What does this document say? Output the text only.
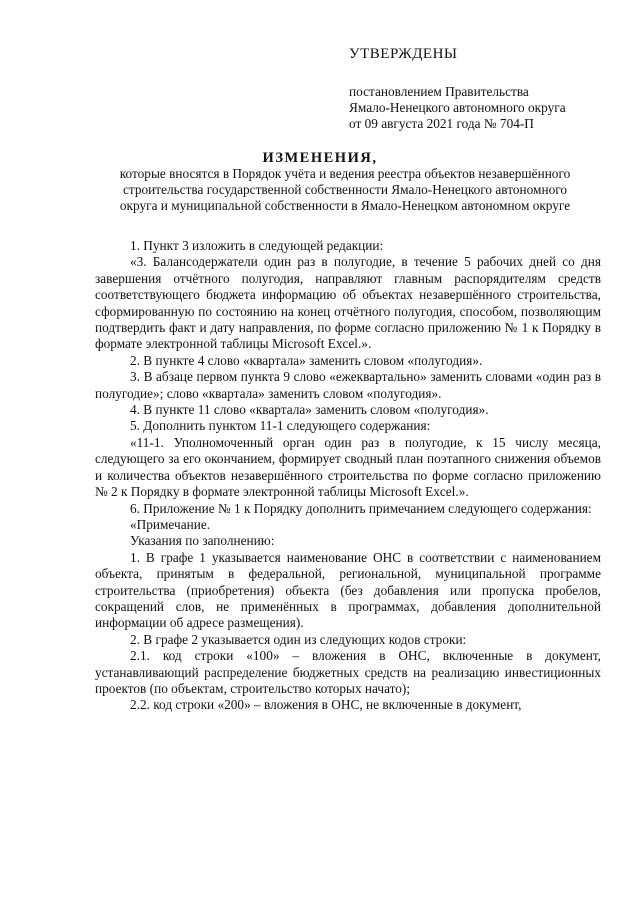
УТВЕРЖДЕНЫ
постановлением Правительства
Ямало-Ненецкого автономного округа
от 09 августа 2021 года № 704-П
ИЗМЕНЕНИЯ,
которые вносятся в Порядок учёта и ведения реестра объектов незавершённого
строительства государственной собственности Ямало-Ненецкого автономного
округа и муниципальной собственности в Ямало-Ненецком автономном округе

1. Пункт 3 изложить в следующей редакции:

«3. Балансодержатели один раз в полугодие, в течение 5 рабочих дней со дня завершения отчётного полугодия, направляют главным распорядителям средств соответствующего бюджета информацию об объектах незавершённого строительства, сформированную по состоянию на конец отчётного полугодия, способом, позволяющим подтвердить факт и дату направления, по форме согласно приложению № 1 к Порядку в формате электронной таблицы Microsoft Excel.».

2. В пункте 4 слово «квартала» заменить словом «полугодия».

3. В абзаце первом пункта 9 слово «ежеквартально» заменить словами «один раз в полугодие»; слово «квартала» заменить словом «полугодия».

4. В пункте 11 слово «квартала» заменить словом «полугодия».

5. Дополнить пунктом 11-1 следующего содержания:

«11-1. Уполномоченный орган один раз в полугодие, к 15 числу месяца, следующего за его окончанием, формирует сводный план поэтапного снижения объемов и количества объектов незавершённого строительства по форме согласно приложению № 2 к Порядку в формате электронной таблицы Microsoft Excel.».

6. Приложение № 1 к Порядку дополнить примечанием следующего содержания:

«Примечание.

Указания по заполнению:

1. В графе 1 указывается наименование ОНС в соответствии с наименованием объекта, принятым в федеральной, региональной, муниципальной программе строительства (приобретения) объекта (без добавления или пропуска пробелов, сокращений слов, не применённых в программах, добавления дополнительной информации об адресе размещения).

2. В графе 2 указывается один из следующих кодов строки:

2.1. код строки «100» – вложения в ОНС, включенные в документ, устанавливающий распределение бюджетных средств на реализацию инвестиционных проектов (по объектам, строительство которых начато);

2.2. код строки «200» – вложения в ОНС, не включенные в документ,
